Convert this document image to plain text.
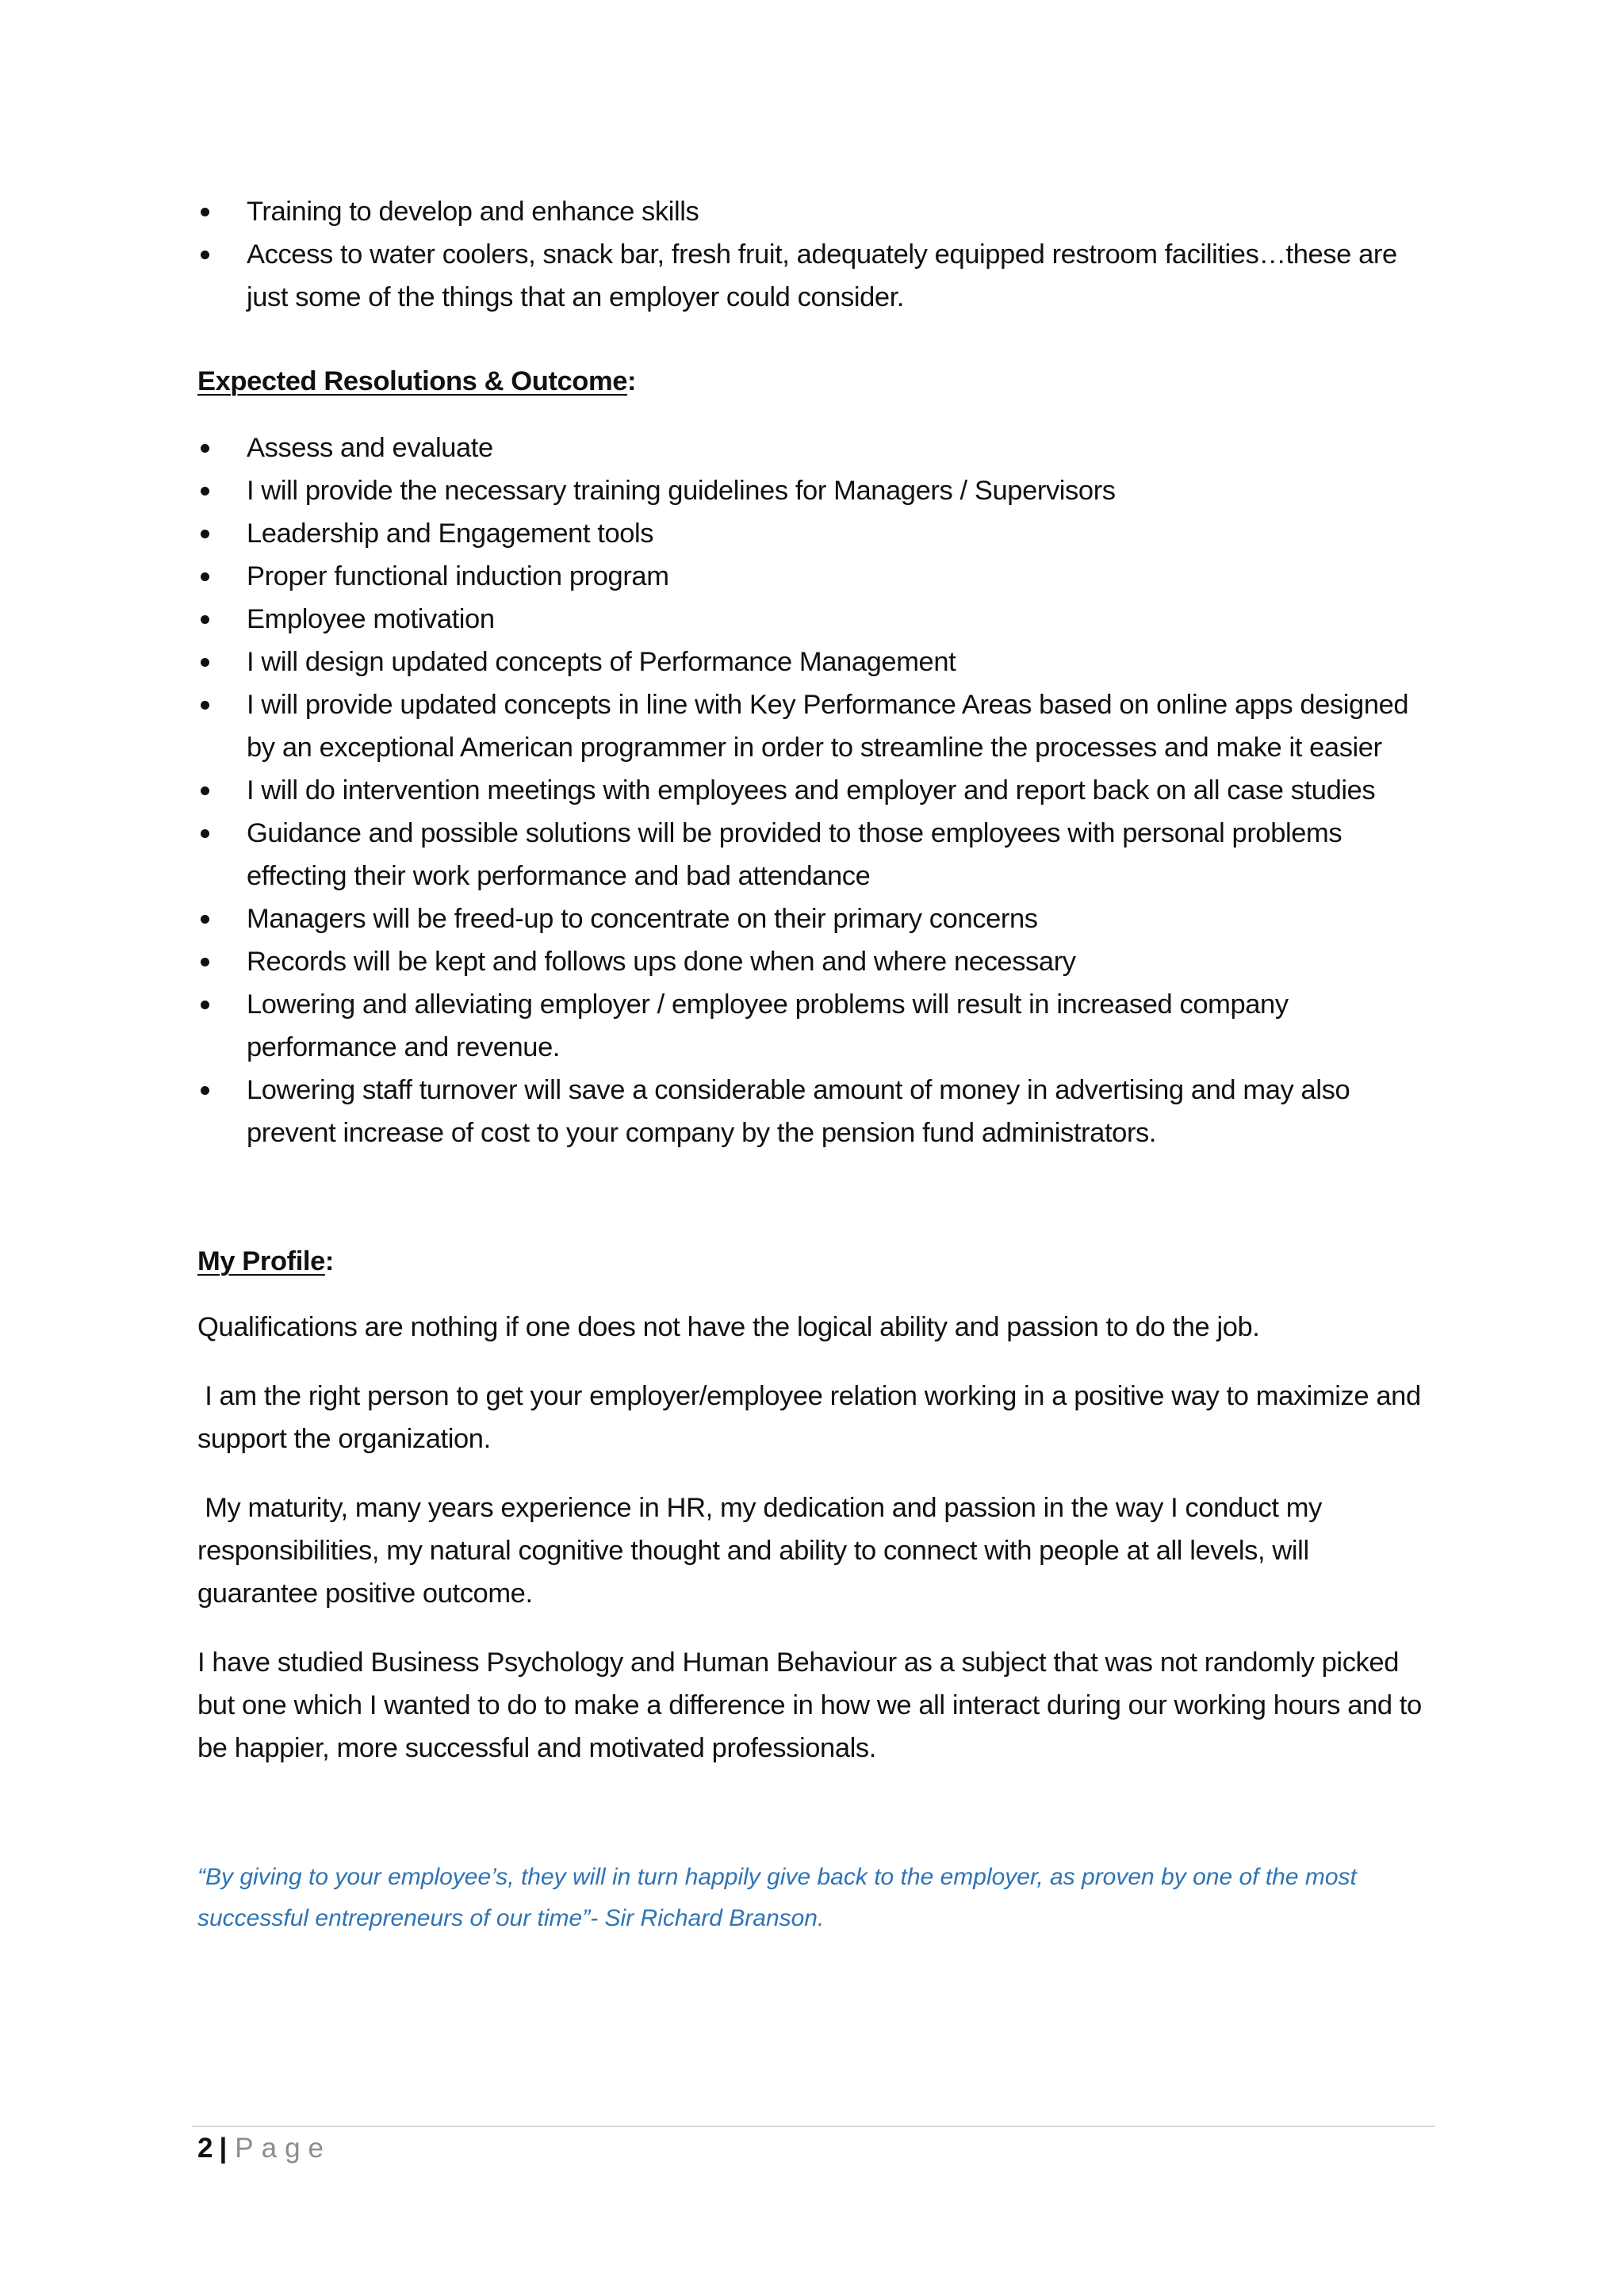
Training to develop and enhance skills
Access to water coolers, snack bar, fresh fruit, adequately equipped restroom facilities…these are just some of the things that an employer could consider.
Expected Resolutions & Outcome:
Assess and evaluate
I will provide the necessary training guidelines for Managers / Supervisors
Leadership and Engagement tools
Proper functional induction program
Employee motivation
I will design updated concepts of Performance Management
I will provide updated concepts in line with Key Performance Areas based on online apps designed by an exceptional American programmer in order to streamline the processes and make it easier
I will do intervention meetings with employees and employer and report back on all case studies
Guidance and possible solutions will be provided to those employees with personal problems effecting their work performance and bad attendance
Managers will be freed-up to concentrate on their primary concerns
Records will be kept and follows ups done when and where necessary
Lowering and alleviating employer / employee problems will result in increased company performance and revenue.
Lowering staff turnover will save a considerable amount of money in advertising and may also prevent increase of cost to your company by the pension fund administrators.
My Profile:

Qualifications are nothing if one does not have the logical ability and passion to do the job.

I am the right person to get your employer/employee relation working in a positive way to maximize and support the organization.

My maturity, many years experience in HR, my dedication and passion in the way I conduct my responsibilities, my natural cognitive thought and ability to connect with people at all levels, will guarantee positive outcome.

I have studied Business Psychology and Human Behaviour as a subject that was not randomly picked but one which I wanted to do to make a difference in how we all interact during our working hours and to be happier, more successful and motivated professionals.

“By giving to your employee’s, they will in turn happily give back to the employer, as proven by one of the most successful entrepreneurs of our time”- Sir Richard Branson.
2 | Page
